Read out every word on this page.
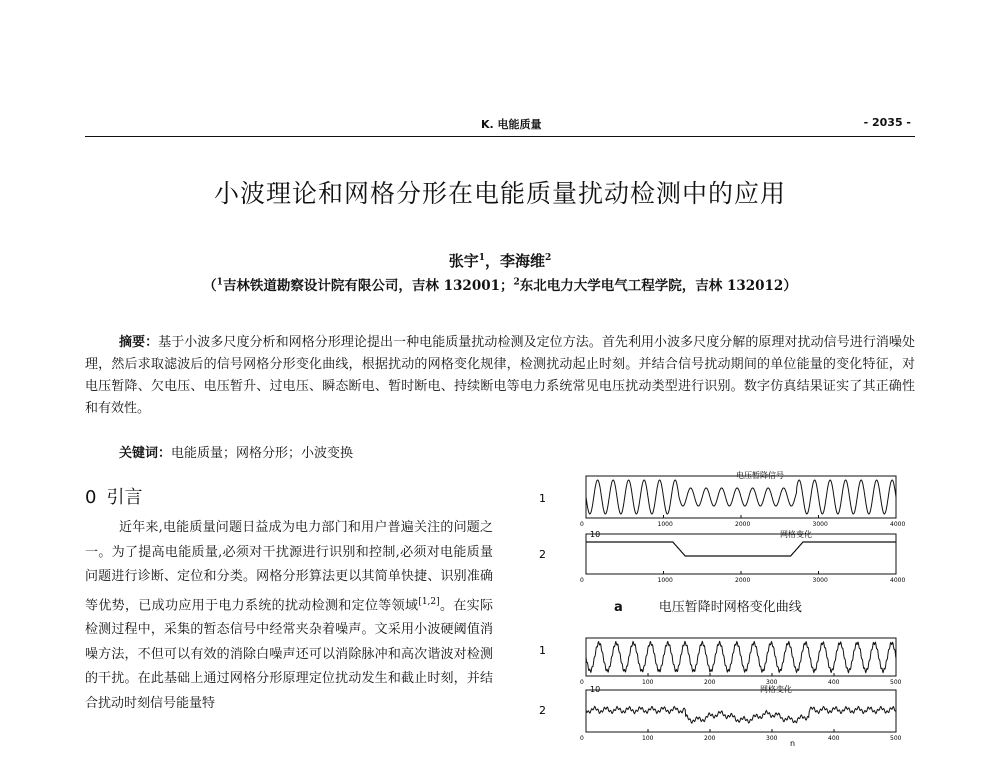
K. 电能质量	- 2035 -
小波理论和网格分形在电能质量扰动检测中的应用
张宇$^1$，李海维$^2$
（$^1$吉林铁道勘察设计院有限公司，吉林 132001；$^2$东北电力大学电气工程学院，吉林 132012）

摘要：基于小波多尺度分析和网格分形理论提出一种电能质量扰动检测及定位方法。首先利用小波多尺度分解的原理对扰动信号进行消噪处理，然后求取滤波后的信号网格分形变化曲线，根据扰动的网格变化规律，检测扰动起止时刻。并结合信号扰动期间的单位能量的变化特征，对电压暂降、欠电压、电压暂升、过电压、瞬态断电、暂时断电、持续断电等电力系统常见电压扰动类型进行识别。数字仿真结果证实了其正确性和有效性。

关键词：电能质量；网格分形；小波变换
0 引言

近年来,电能质量问题日益成为电力部门和用户普遍关注的问题之一。为了提高电能质量,必须对干扰源进行识别和控制,必须对电能质量问题进行诊断、定位和分类。网格分形算法更以其简单快捷、识别准确等优势，已成功应用于电力系统的扰动检测和定位等领域[1,2]。在实际检测过程中，采集的暂态信号中经常夹杂着噪声。文采用小波硬阈值消噪方法，不但可以有效的消除白噪声还可以消除脉冲和高次谐波对检测的干扰。在此基础上通过网格分形原理定位扰动发生和截止时刻，并结合扰动时刻信号能量特

1
电压暂降信号
0	1000	2000	3000	4000
2
10	网格变化
0	1000	2000	3000	4000
1
0	100	200	300	400	500
2
10	网格变化
0	100	200	300	400	500
n
a	电压暂降时网格变化曲线
